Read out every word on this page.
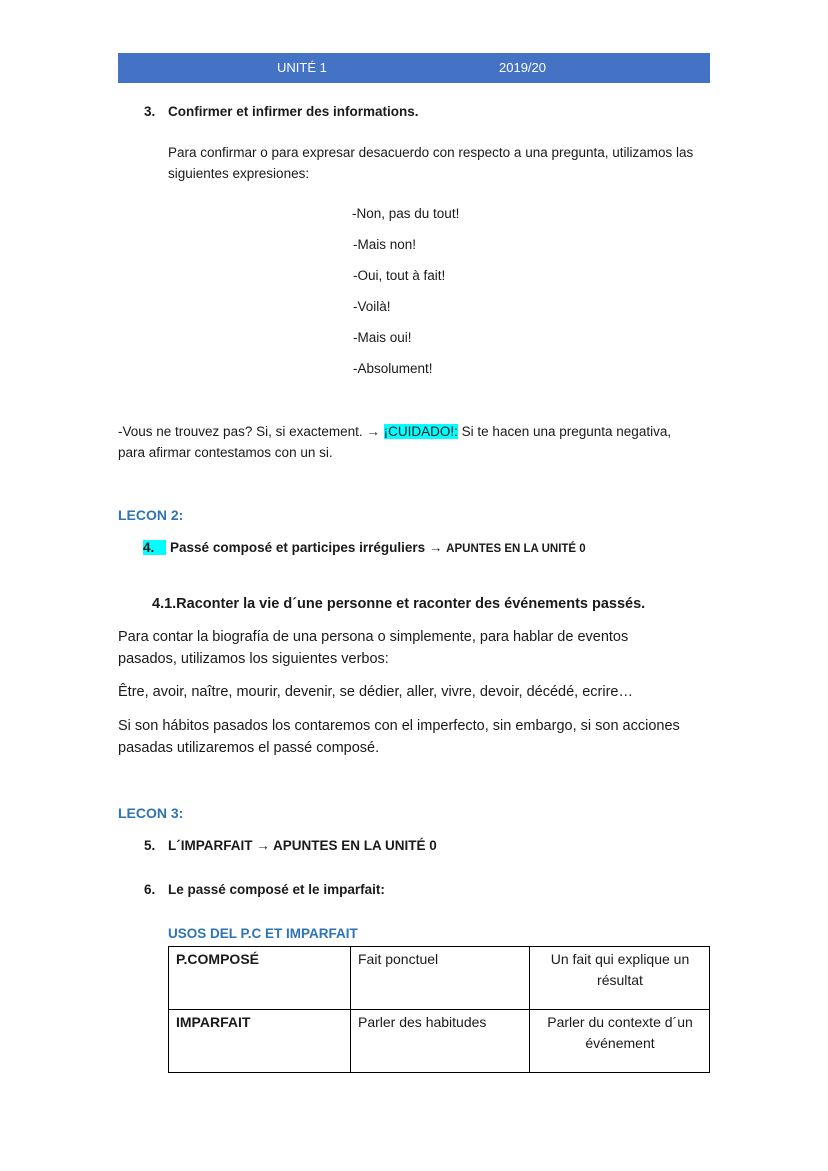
UNITÉ 1	2019/20
3. Confirmer et infirmer des informations.
Para confirmar o para expresar desacuerdo con respecto a una pregunta, utilizamos las siguientes expresiones:
-Non, pas du tout!
-Mais non!
-Oui, tout à fait!
-Voilà!
-Mais oui!
-Absolument!
-Vous ne trouvez pas? Si, si exactement. → ¡CUIDADO!: Si te hacen una pregunta negativa, para afirmar contestamos con un si.
LECON 2:
4. Passé composé et participes irréguliers → APUNTES EN LA UNITÉ 0
4.1.Raconter la vie d´une personne et raconter des événements passés.
Para contar la biografía de una persona o simplemente, para hablar de eventos pasados, utilizamos los siguientes verbos:
Être, avoir, naître, mourir, devenir, se dédier, aller, vivre, devoir, décédé, ecrire…
Si son hábitos pasados los contaremos con el imperfecto, sin embargo, si son acciones pasadas utilizaremos el passé composé.
LECON 3:
5. L´IMPARFAIT → APUNTES EN LA UNITÉ 0
6. Le passé composé et le imparfait:
USOS DEL P.C ET IMPARFAIT
P.COMPOSÉ	Fait ponctuel	Un fait qui explique un résultat
IMPARFAIT	Parler des habitudes	Parler du contexte d´un événement
